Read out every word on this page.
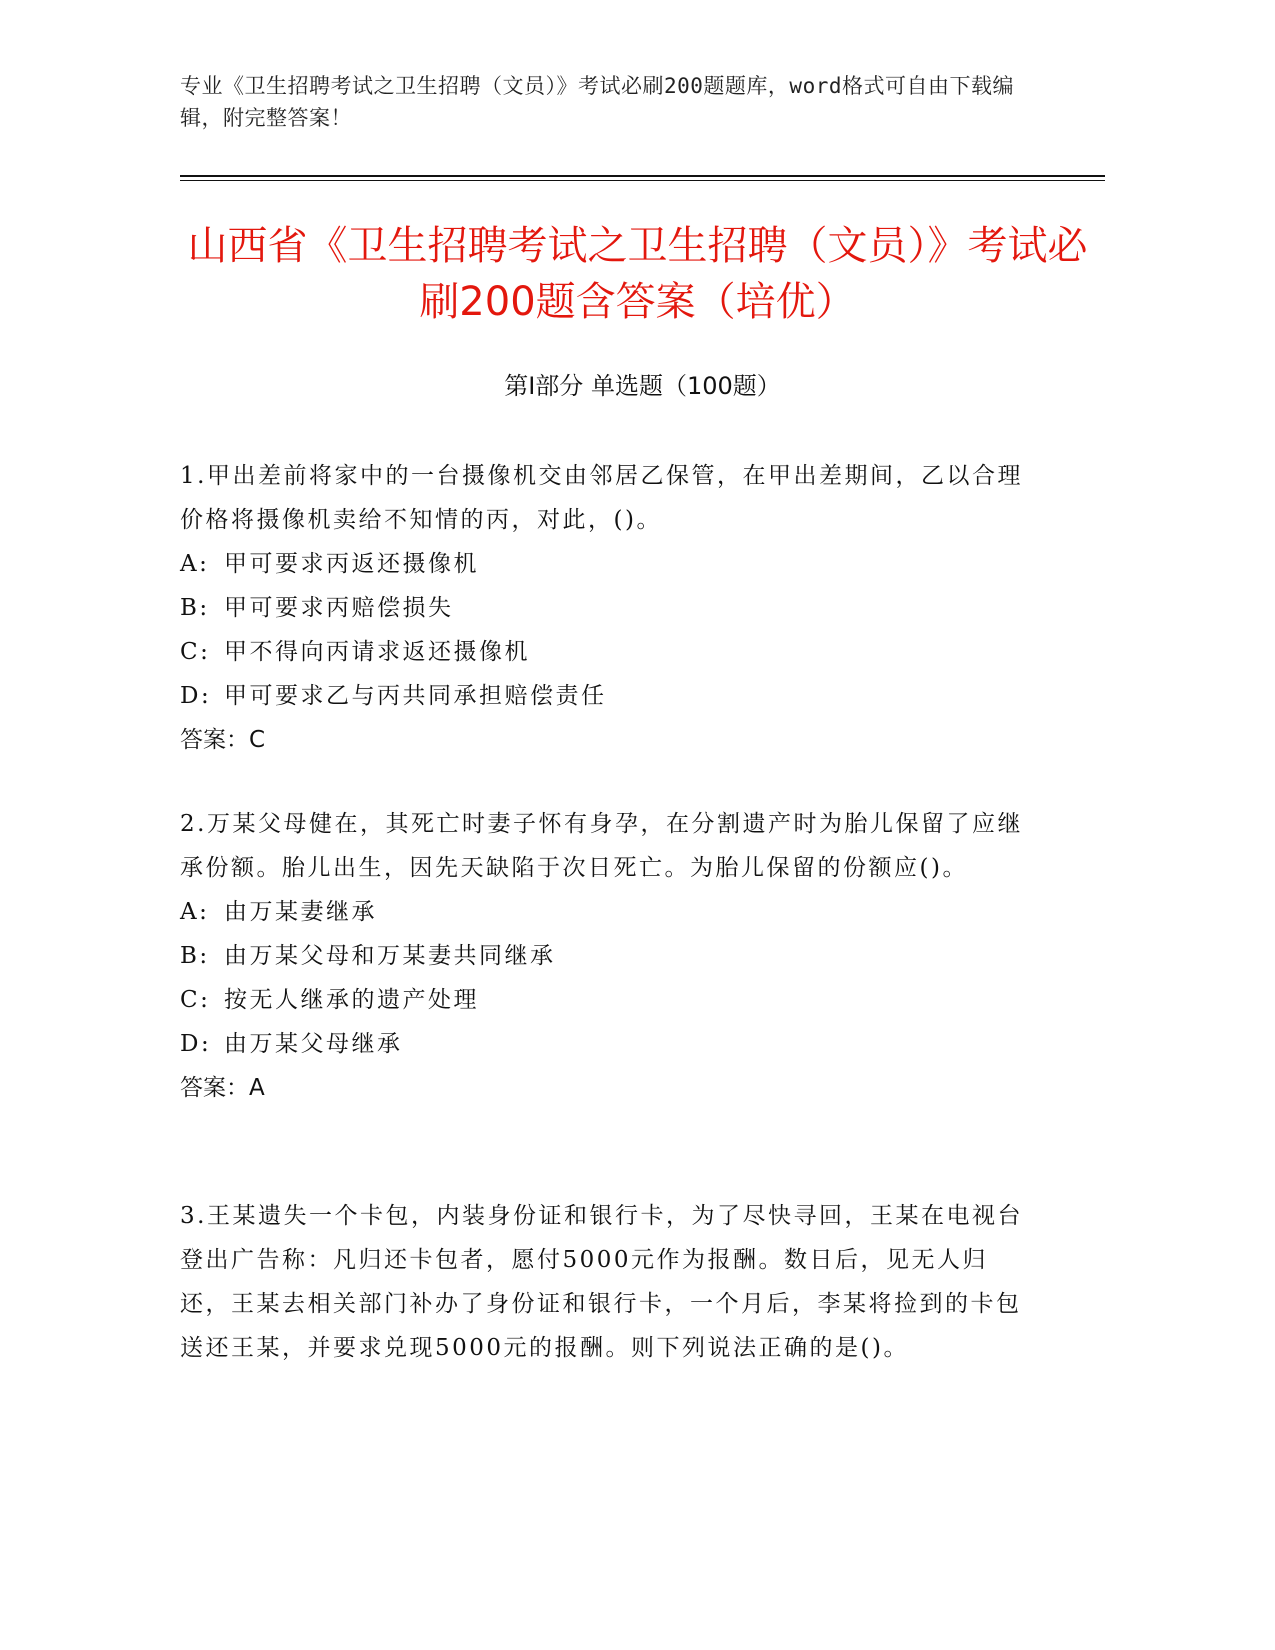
专业《卫生招聘考试之卫生招聘（文员）》考试必刷200题题库，word格式可自由下载编辑，附完整答案！
山西省《卫生招聘考试之卫生招聘（文员）》考试必刷200题含答案（培优）
第Ⅰ部分 单选题（100题）

1.甲出差前将家中的一台摄像机交由邻居乙保管，在甲出差期间，乙以合理价格将摄像机卖给不知情的丙，对此，()。

A: 甲可要求丙返还摄像机

B: 甲可要求丙赔偿损失

C: 甲不得向丙请求返还摄像机

D: 甲可要求乙与丙共同承担赔偿责任

答案：C

2.万某父母健在，其死亡时妻子怀有身孕，在分割遗产时为胎儿保留了应继承份额。胎儿出生，因先天缺陷于次日死亡。为胎儿保留的份额应()。

A: 由万某妻继承

B: 由万某父母和万某妻共同继承

C: 按无人继承的遗产处理

D: 由万某父母继承

答案：A

3.王某遗失一个卡包，内装身份证和银行卡，为了尽快寻回，王某在电视台登出广告称：凡归还卡包者，愿付5000元作为报酬。数日后，见无人归还，王某去相关部门补办了身份证和银行卡，一个月后，李某将捡到的卡包送还王某，并要求兑现5000元的报酬。则下列说法正确的是()。
